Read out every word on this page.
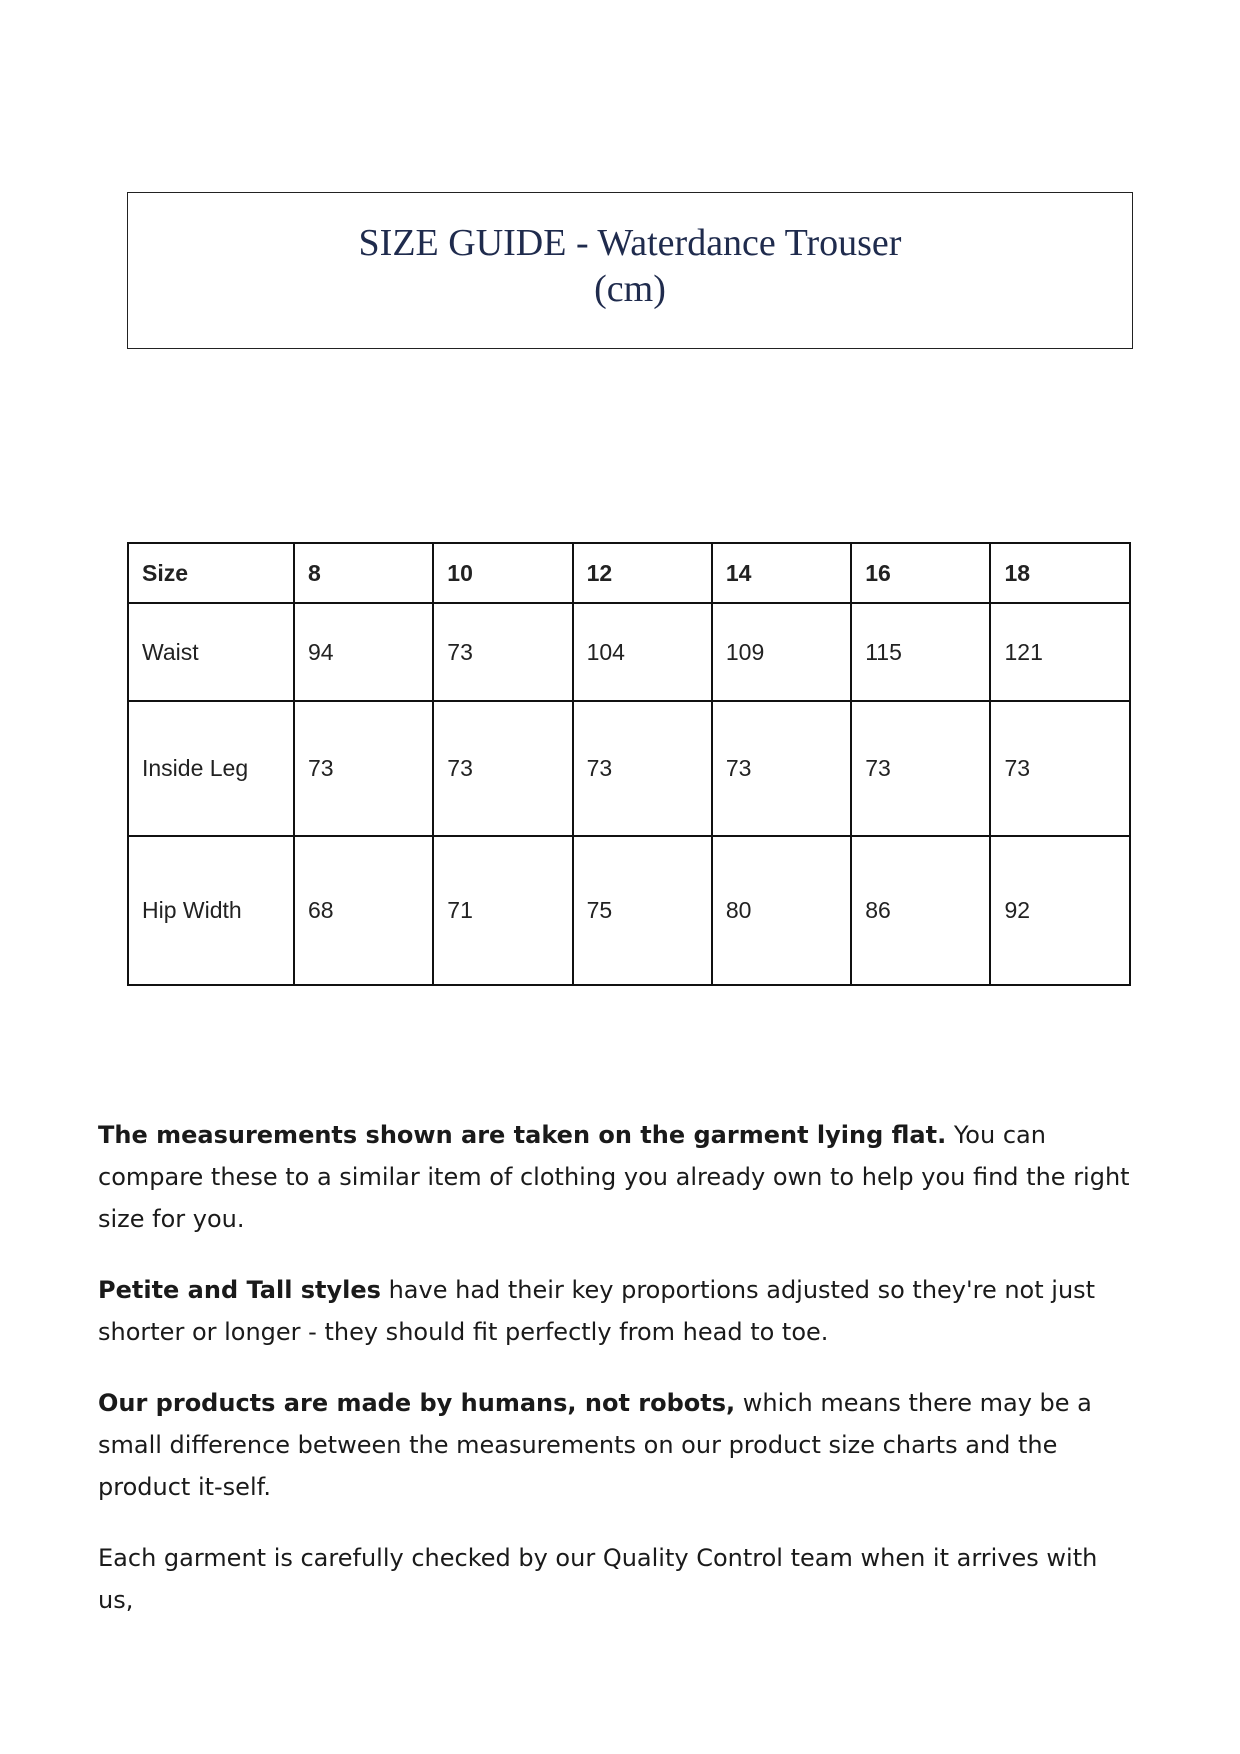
SIZE GUIDE - Waterdance Trouser
(cm)
Size	8	10	12	14	16	18
Waist	94	73	104	109	115	121
Inside Leg	73	73	73	73	73	73
Hip Width	68	71	75	80	86	92

The measurements shown are taken on the garment lying flat. You can compare these to a similar item of clothing you already own to help you find the right size for you.

Petite and Tall styles have had their key proportions adjusted so they're not just shorter or longer - they should fit perfectly from head to toe.

Our products are made by humans, not robots, which means there may be a small difference between the measurements on our product size charts and the product it-self.

Each garment is carefully checked by our Quality Control team when it arrives with us,
